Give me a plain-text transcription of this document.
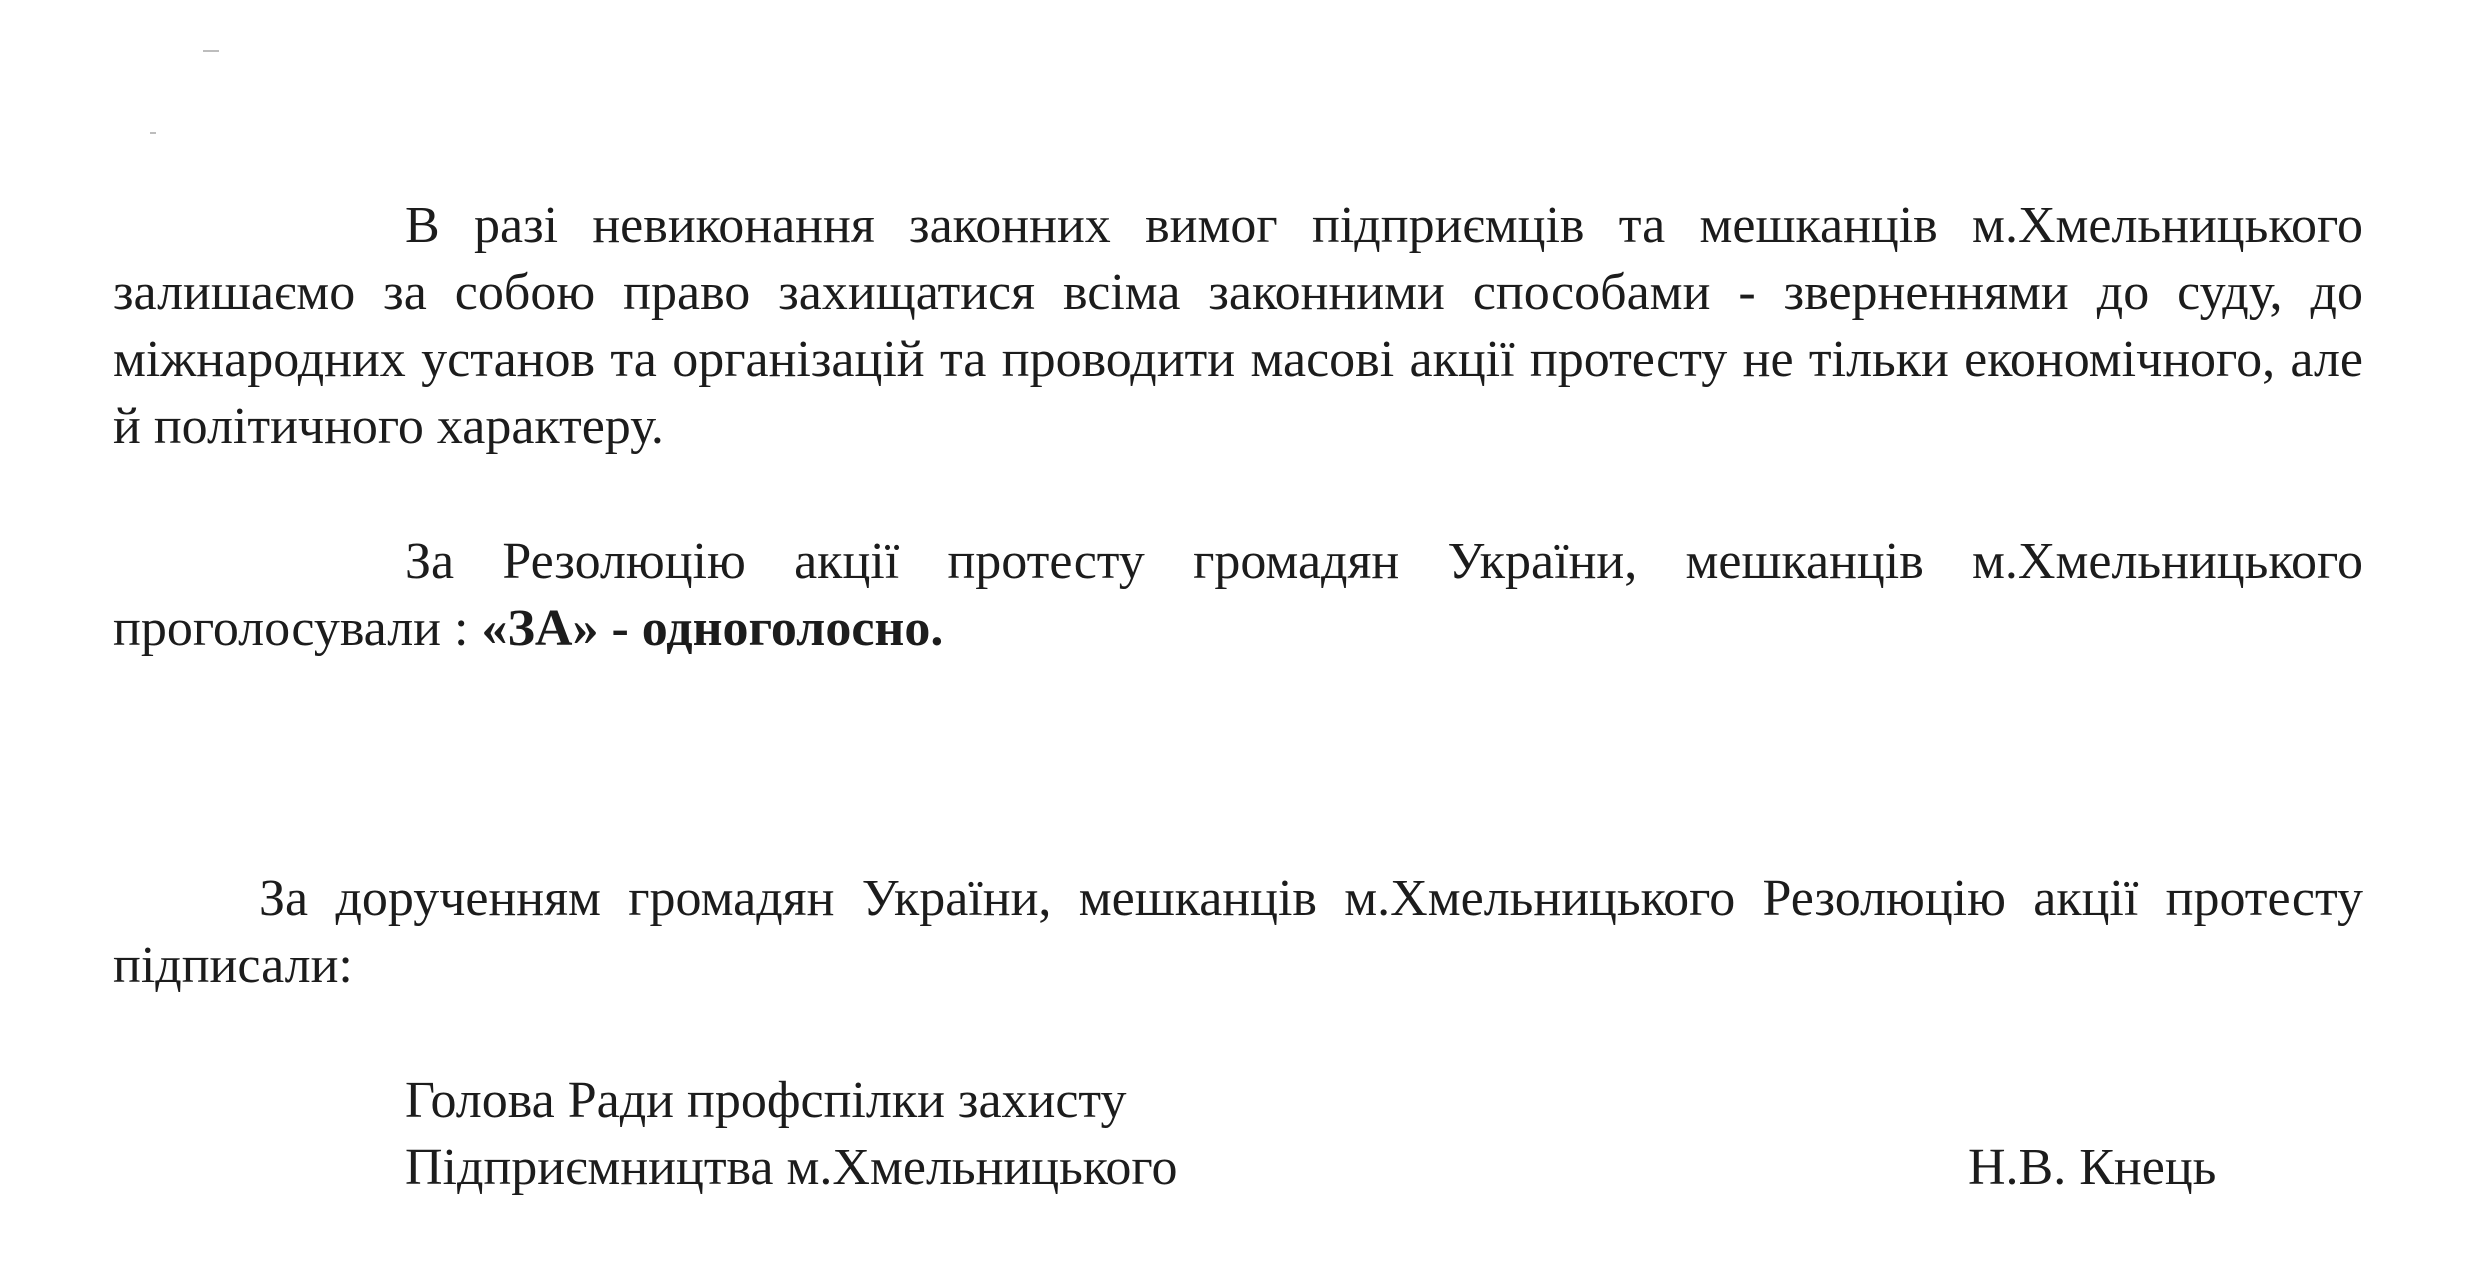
В разі невиконання законних вимог підприємців та мешканців м.Хмельницького залишаємо за собою право захищатися всіма законними способами - зверненнями до суду, до міжнародних установ та організацій та проводити масові акції протесту не тільки економічного, але й політичного характеру.

За Резолюцію акції протесту громадян України, мешканців м.Хмельницького проголосували : «ЗА» - одноголосно.

За дорученням громадян України, мешканців м.Хмельницького Резолюцію акції протесту підписали:

Голова Ради профспілки захисту
Підприємництва м.Хмельницького	Н.В. Кнець
